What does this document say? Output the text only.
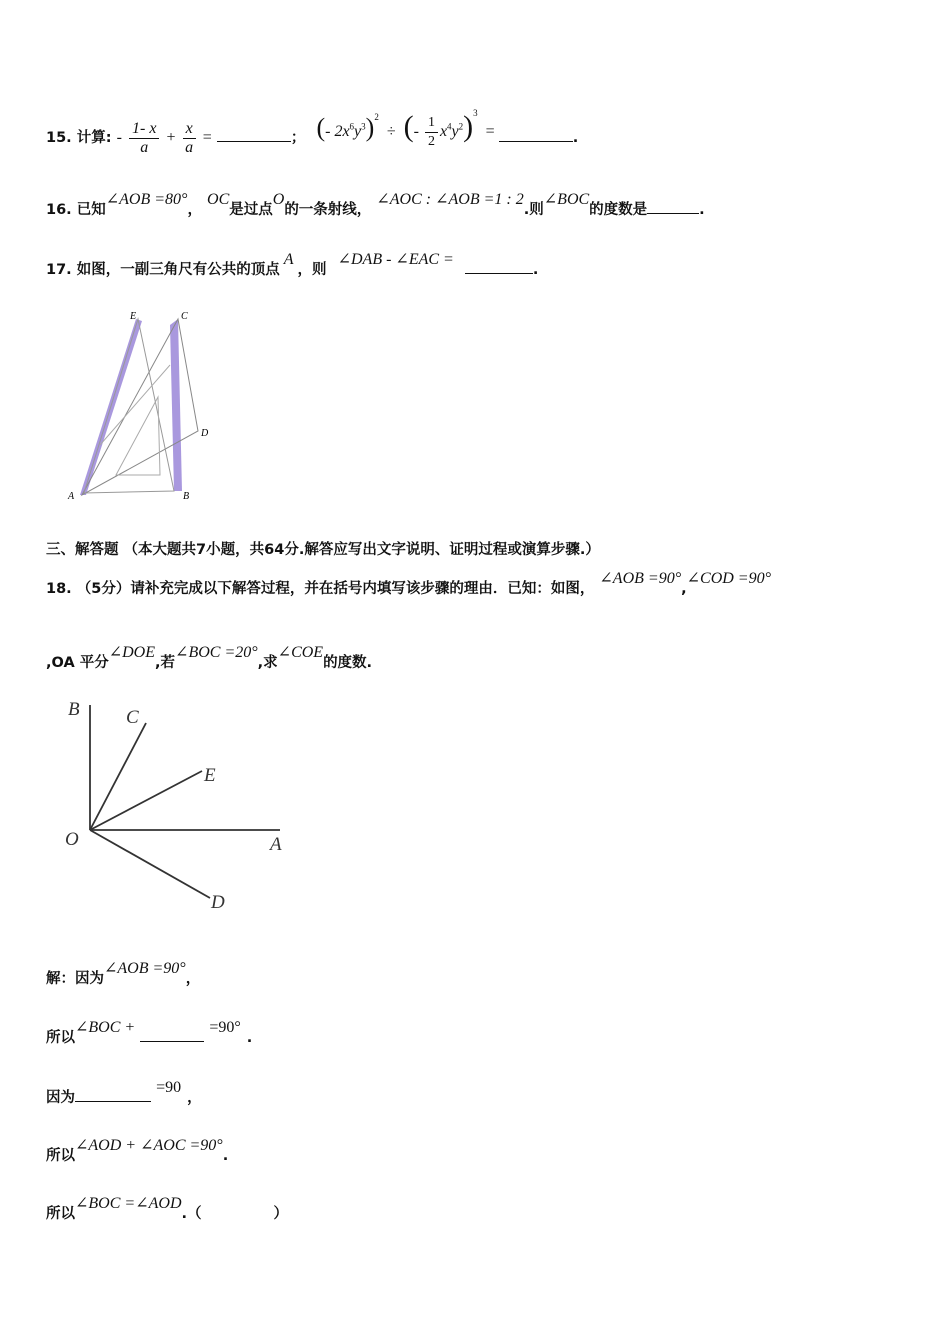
15. 计算: - $\frac{1- x}{a} + \frac{x}{a}$ =	； (- $2x^6y^3)^2$ ÷ (- $\frac{1}{2} x^4y^2)^3$ =	.
16. 已知∠AOB =80°， OC是过点O的一条射线， ∠AOC : ∠AOB =1 : 2.则∠BOC的度数是	.
17. 如图，一副三角尺有公共的顶点A，则 ∠DAB - ∠EAC = .
E	C
D
A	B
三、解答题 （本大题共7小题，共64分.解答应写出文字说明、证明过程或演算步骤.）
18. （5分）请补充完成以下解答过程，并在括号内填写该步骤的理由．已知：如图， ∠AOB =90°,∠COD =90°
,OA 平分∠DOE,若∠BOC =20°,求∠COE的度数.
B C
E
O	A
D
解：因为∠AOB =90°，
所以∠BOC +	=90°.
因为 =90，
所以∠AOD + ∠AOC =90°.
所以∠BOC =∠AOD.（	）
